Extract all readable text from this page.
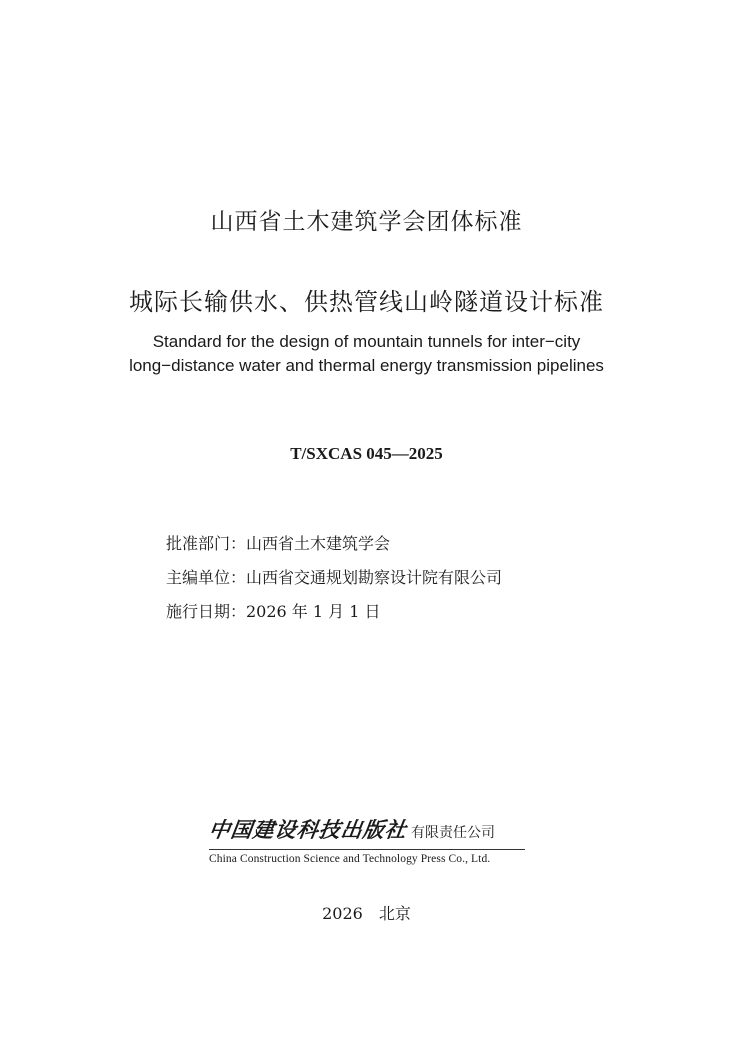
山西省土木建筑学会团体标准
城际长输供水、供热管线山岭隧道设计标准
Standard for the design of mountain tunnels for inter−city
long−distance water and thermal energy transmission pipelines
T/SXCAS 045—2025
批准部门：山西省土木建筑学会
主编单位：山西省交通规划勘察设计院有限公司
施行日期：2026 年 1 月 1 日
中国建设科技出版社 有限责任公司
China Construction Science and Technology Press Co., Ltd.
2026　北京
